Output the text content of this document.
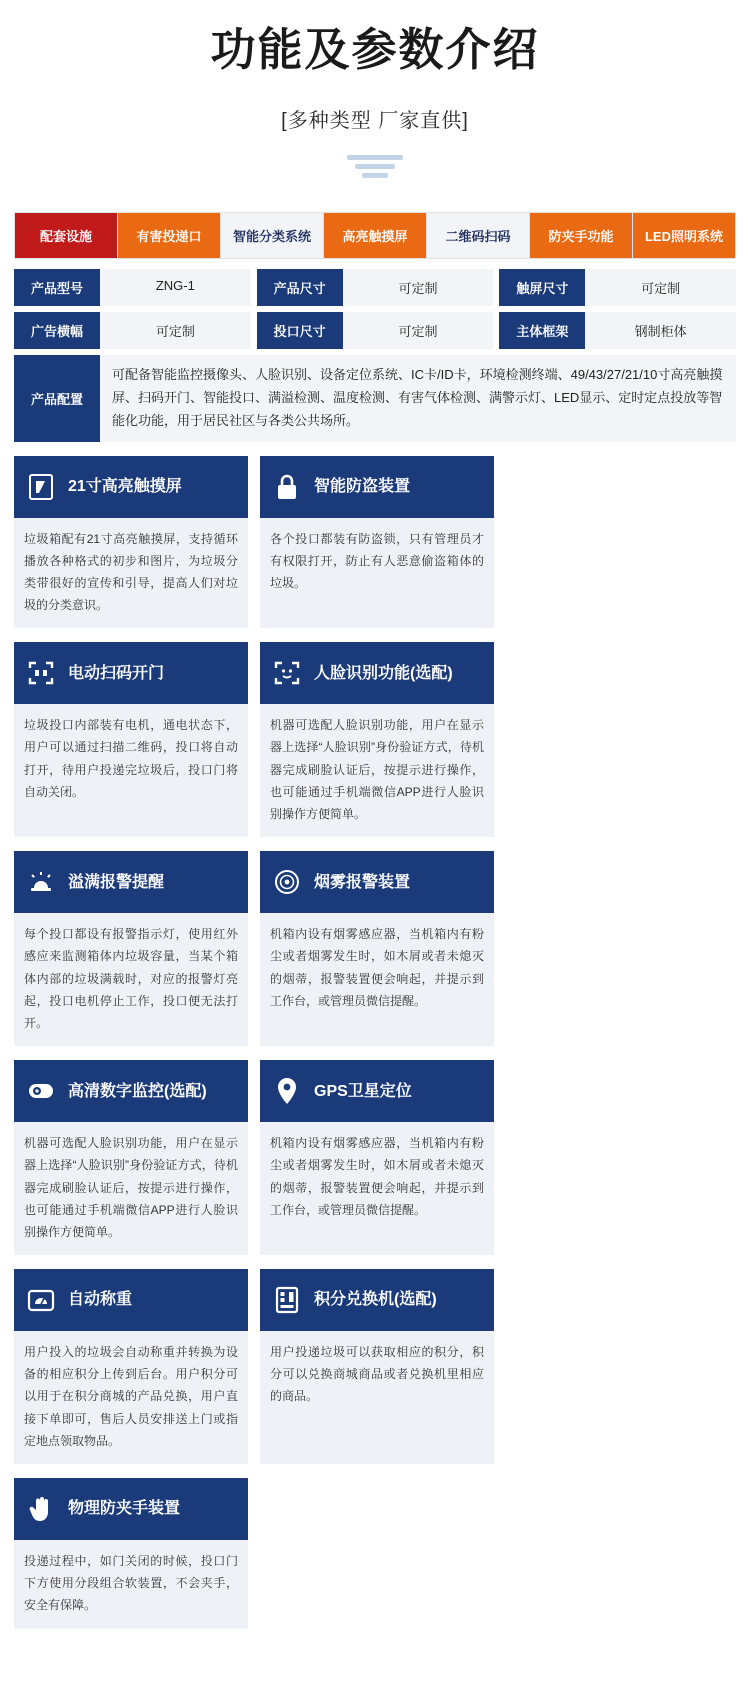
功能及参数介绍
[多种类型 厂家直供]
配套设施	有害投递口	智能分类系统	高亮触摸屏	二维码扫码	防夹手功能	LED照明系统
产品型号	ZNG-1	产品尺寸	可定制	触屏尺寸	可定制
广告横幅	可定制	投口尺寸	可定制	主体框架	钢制柜体
产品配置
可配备智能监控摄像头、人脸识别、设备定位系统、IC卡/ID卡，环境检测终端、49/43/27/21/10寸高亮触摸屏、扫码开门、智能投口、满溢检测、温度检测、有害气体检测、满警示灯、LED显示、定时定点投放等智能化功能，用于居民社区与各类公共场所。
21寸高亮触摸屏
垃圾箱配有21寸高亮触摸屏，支持循环播放各种格式的初步和图片，为垃圾分类带很好的宣传和引导，提高人们对垃圾的分类意识。
智能防盗装置
各个投口都装有防盗锁，只有管理员才有权限打开，防止有人恶意偷盗箱体的垃圾。
电动扫码开门
垃圾投口内部装有电机，通电状态下，用户可以通过扫描二维码，投口将自动打开，待用户投递完垃圾后，投口门将自动关闭。
人脸识别功能(选配)
机器可选配人脸识别功能，用户在显示器上选择“人脸识别”身份验证方式，待机器完成刷脸认证后，按提示进行操作，也可能通过手机端微信APP进行人脸识别操作方便简单。
溢满报警提醒
每个投口都设有报警指示灯，使用红外感应来监测箱体内垃圾容量，当某个箱体内部的垃圾满载时，对应的报警灯亮起，投口电机停止工作，投口便无法打开。
烟雾报警装置
机箱内设有烟雾感应器，当机箱内有粉尘或者烟雾发生时，如木屑或者未熄灭的烟蒂，报警装置便会响起，并提示到工作台，或管理员微信提醒。
高清数字监控(选配)
机器可选配人脸识别功能，用户在显示器上选择“人脸识别”身份验证方式，待机器完成刷脸认证后，按提示进行操作，也可能通过手机端微信APP进行人脸识别操作方便简单。
GPS卫星定位
机箱内设有烟雾感应器，当机箱内有粉尘或者烟雾发生时，如木屑或者未熄灭的烟蒂，报警装置便会响起，并提示到工作台，或管理员微信提醒。
自动称重
用户投入的垃圾会自动称重并转换为设备的相应积分上传到后台。用户积分可以用于在积分商城的产品兑换，用户直接下单即可，售后人员安排送上门或指定地点领取物品。
积分兑换机(选配)
用户投递垃圾可以获取相应的积分，积分可以兑换商城商品或者兑换机里相应的商品。
物理防夹手装置
投递过程中，如门关闭的时候，投口门下方使用分段组合软装置，不会夹手，安全有保障。
